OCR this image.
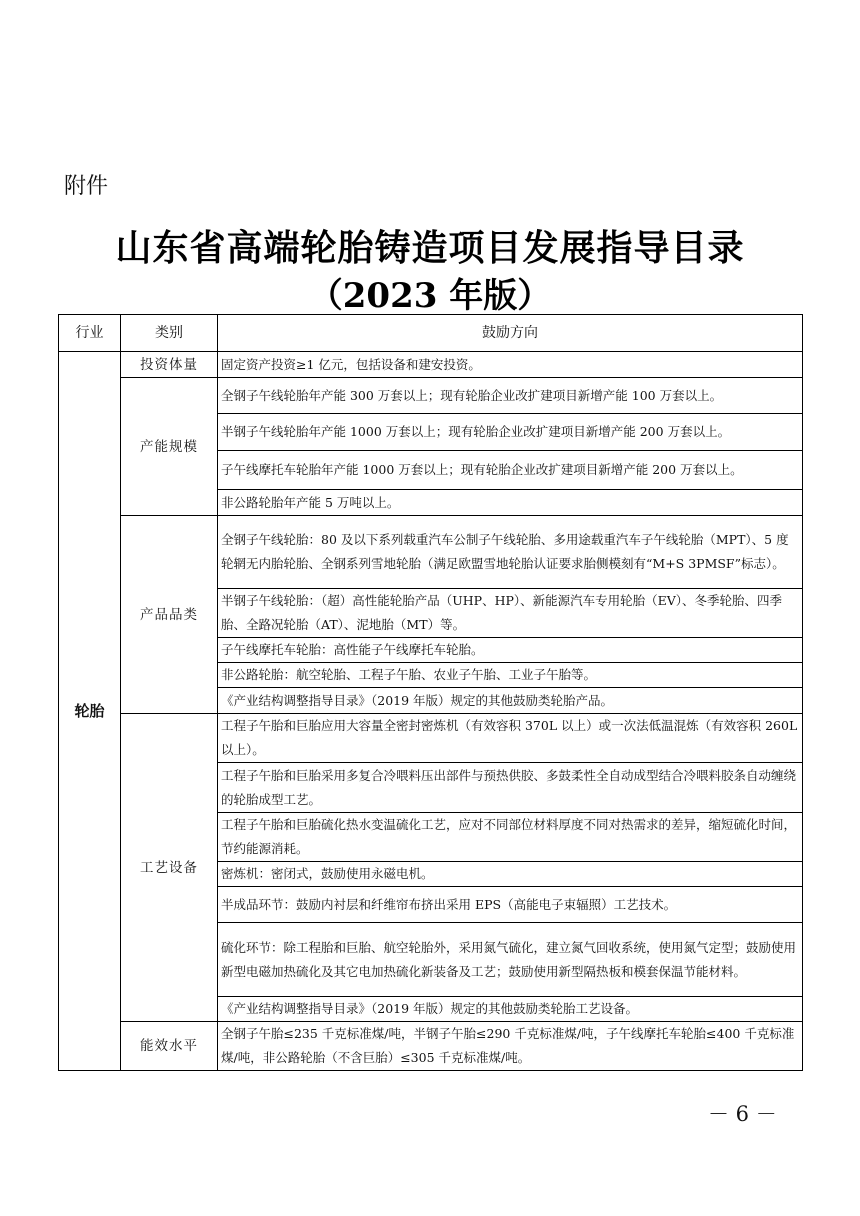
附件
山东省高端轮胎铸造项目发展指导目录
（2023 年版）
行业	类别	鼓励方向
轮胎	投资体量	固定资产投资≥1 亿元，包括设备和建安投资。
	产能规模	全钢子午线轮胎年产能 300 万套以上；现有轮胎企业改扩建项目新增产能 100 万套以上。
		半钢子午线轮胎年产能 1000 万套以上；现有轮胎企业改扩建项目新增产能 200 万套以上。
		子午线摩托车轮胎年产能 1000 万套以上；现有轮胎企业改扩建项目新增产能 200 万套以上。
		非公路轮胎年产能 5 万吨以上。
	产品品类	全钢子午线轮胎：80 及以下系列载重汽车公制子午线轮胎、多用途载重汽车子午线轮胎（MPT）、5 度轮辋无内胎轮胎、全钢系列雪地轮胎（满足欧盟雪地轮胎认证要求胎侧模刻有“M+S 3PMSF”标志）。
		半钢子午线轮胎：（超）高性能轮胎产品（UHP、HP）、新能源汽车专用轮胎（EV）、冬季轮胎、四季胎、全路况轮胎（AT）、泥地胎（MT）等。
		子午线摩托车轮胎：高性能子午线摩托车轮胎。
		非公路轮胎：航空轮胎、工程子午胎、农业子午胎、工业子午胎等。
		《产业结构调整指导目录》（2019 年版）规定的其他鼓励类轮胎产品。
	工艺设备	工程子午胎和巨胎应用大容量全密封密炼机（有效容积 370L 以上）或一次法低温混炼（有效容积 260L 以上）。
		工程子午胎和巨胎采用多复合冷喂料压出部件与预热供胶、多鼓柔性全自动成型结合冷喂料胶条自动缠绕的轮胎成型工艺。
		工程子午胎和巨胎硫化热水变温硫化工艺，应对不同部位材料厚度不同对热需求的差异，缩短硫化时间，节约能源消耗。
		密炼机：密闭式，鼓励使用永磁电机。
		半成品环节：鼓励内衬层和纤维帘布挤出采用 EPS（高能电子束辐照）工艺技术。
		硫化环节：除工程胎和巨胎、航空轮胎外，采用氮气硫化，建立氮气回收系统，使用氮气定型；鼓励使用新型电磁加热硫化及其它电加热硫化新装备及工艺；鼓励使用新型隔热板和模套保温节能材料。
		《产业结构调整指导目录》（2019 年版）规定的其他鼓励类轮胎工艺设备。
	能效水平	全钢子午胎≤235 千克标准煤/吨，半钢子午胎≤290 千克标准煤/吨，子午线摩托车轮胎≤400 千克标准煤/吨，非公路轮胎（不含巨胎）≤305 千克标准煤/吨。
－ 6 －
